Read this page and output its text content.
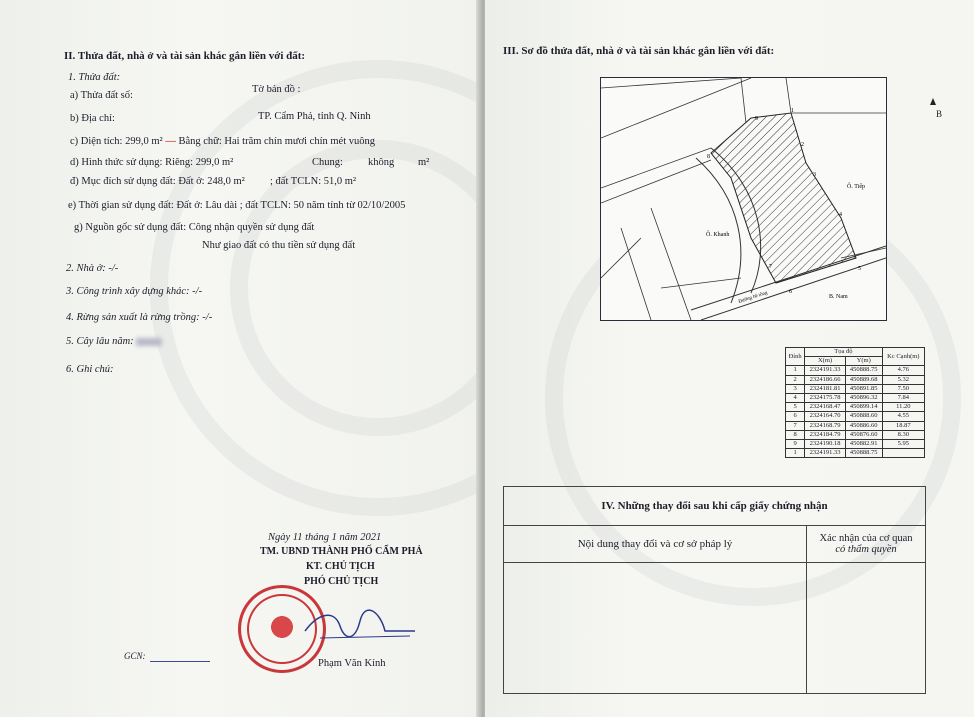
II. Thửa đất, nhà ở và tài sản khác gắn liền với đất:
1. Thửa đất:
a) Thửa đất số:
Tờ bản đồ :
b) Địa chỉ:	TP. Cẩm Phả, tỉnh Q. Ninh
c) Diện tích: 299,0 m² — Bằng chữ: Hai trăm chín mươi chín mét vuông
d) Hình thức sử dụng: Riêng: 299,0 m²	Chung: không m²
đ) Mục đích sử dụng đất: Đất ở: 248,0 m² ; đất TCLN: 51,0 m²
e) Thời gian sử dụng đất: Đất ở: Lâu dài ; đất TCLN: 50 năm tính từ 02/10/2005
g) Nguồn gốc sử dụng đất: Công nhận quyền sử dụng đất
Như giao đất có thu tiền sử dụng đất
2. Nhà ở: -/-
3. Công trình xây dựng khác: -/-
4. Rừng sản xuất là rừng trồng: -/-
5. Cây lâu năm:
6. Ghi chú:
Ngày 11 tháng 1 năm 2021
TM. UBND THÀNH PHỐ CẨM PHẢ
KT. CHỦ TỊCH
PHÓ CHỦ TỊCH
Phạm Văn Kính
GCN:
III. Sơ đồ thửa đất, nhà ở và tài sản khác gắn liền với đất:
B
1
2
3
4
5
6
7
8
9
Ô. Khanh
Ô. Tiếp
B. Nam
Đường bê tông
Đỉnh	Tọa độ		Kc Cạnh(m)
	X(m)	Y(m)	
1	2324191.33	450888.75	4.76
2	2324186.66	450889.68	5.32
3	2324181.81	450891.85	7.50
4	2324175.78	450896.32	7.84
5	2324168.47	450899.14	11.20
6	2324164.70	450888.60	4.55
7	2324168.79	450886.60	18.87
8	2324184.79	450876.60	8.30
9	2324190.18	450882.91	5.95
1	2324191.33	450888.75	
IV. Những thay đổi sau khi cấp giấy chứng nhận	
Nội dung thay đổi và cơ sở pháp lý	Xác nhận của cơ quan
có thẩm quyền
